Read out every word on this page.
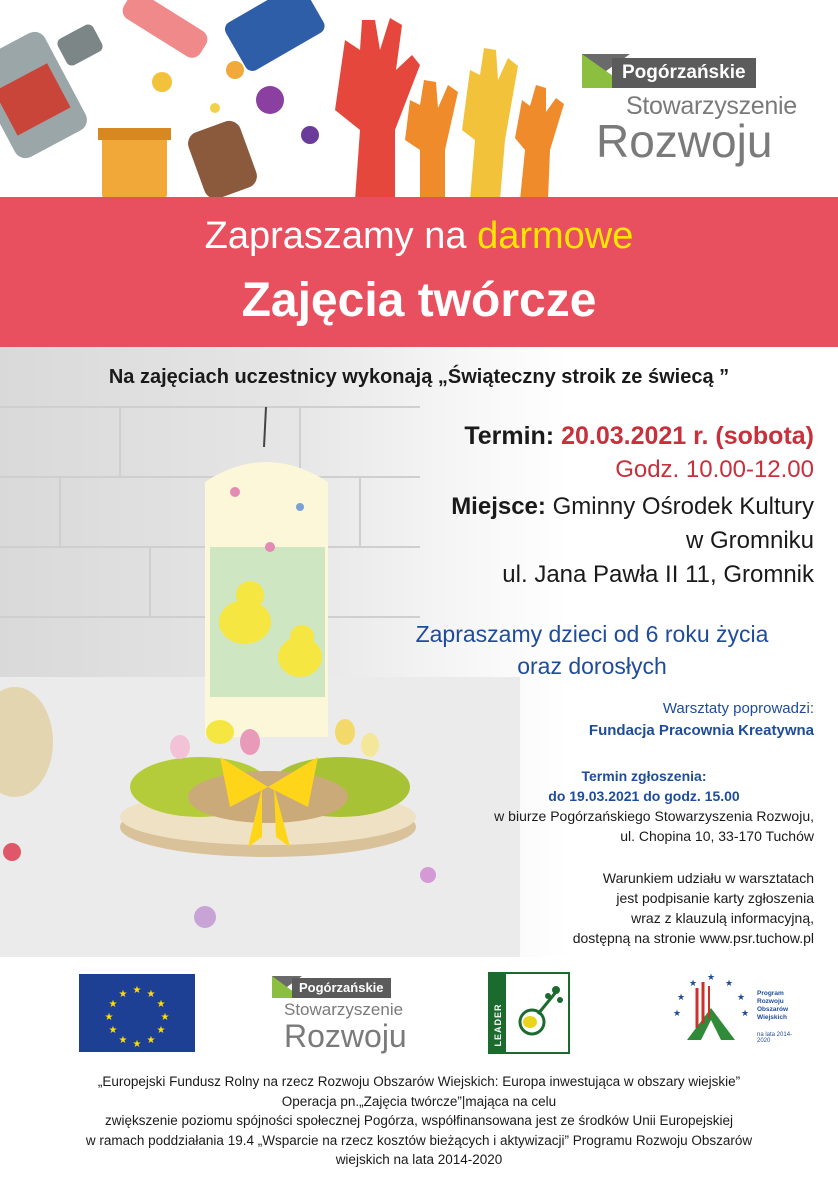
Pogórzańskie
Stowarzyszenie
Rozwoju
Zapraszamy na darmowe
Zajęcia twórcze
Na zajęciach uczestnicy wykonają „Świąteczny stroik ze świecą ”
Termin: 20.03.2021 r. (sobota)
Godz. 10.00-12.00
Miejsce: Gminny Ośrodek Kultury
w Gromniku
ul. Jana Pawła II 11, Gromnik
Zapraszamy dzieci od 6 roku życia
oraz dorosłych
Warsztaty poprowadzi:
Fundacja Pracownia Kreatywna
Termin zgłoszenia:
do 19.03.2021 do godz. 15.00
w biurze Pogórzańskiego Stowarzyszenia Rozwoju,
ul. Chopina 10, 33-170 Tuchów
Warunkiem udziału w warsztatach
jest podpisanie karty zgłoszenia
wraz z klauzulą informacyjną,
dostępną na stronie www.psr.tuchow.pl
★ ★
★
★
★
★
★
★
★
★
★
★	Pogórzańskie
Stowarzyszenie
Rozwoju	LEADER
★
★
★
★
★
★	★
Program
Rozwoju
Obszarów
Wiejskich
na lata 2014-2020
„Europejski Fundusz Rolny na rzecz Rozwoju Obszarów Wiejskich: Europa inwestująca w obszary wiejskie”
Operacja pn.„Zajęcia twórcze”|mająca na celu
zwiększenie poziomu spójności społecznej Pogórza, współfinansowana jest ze środków Unii Europejskiej
w ramach poddziałania 19.4 „Wsparcie na rzecz kosztów bieżących i aktywizacji” Programu Rozwoju Obszarów
wiejskich na lata 2014-2020
